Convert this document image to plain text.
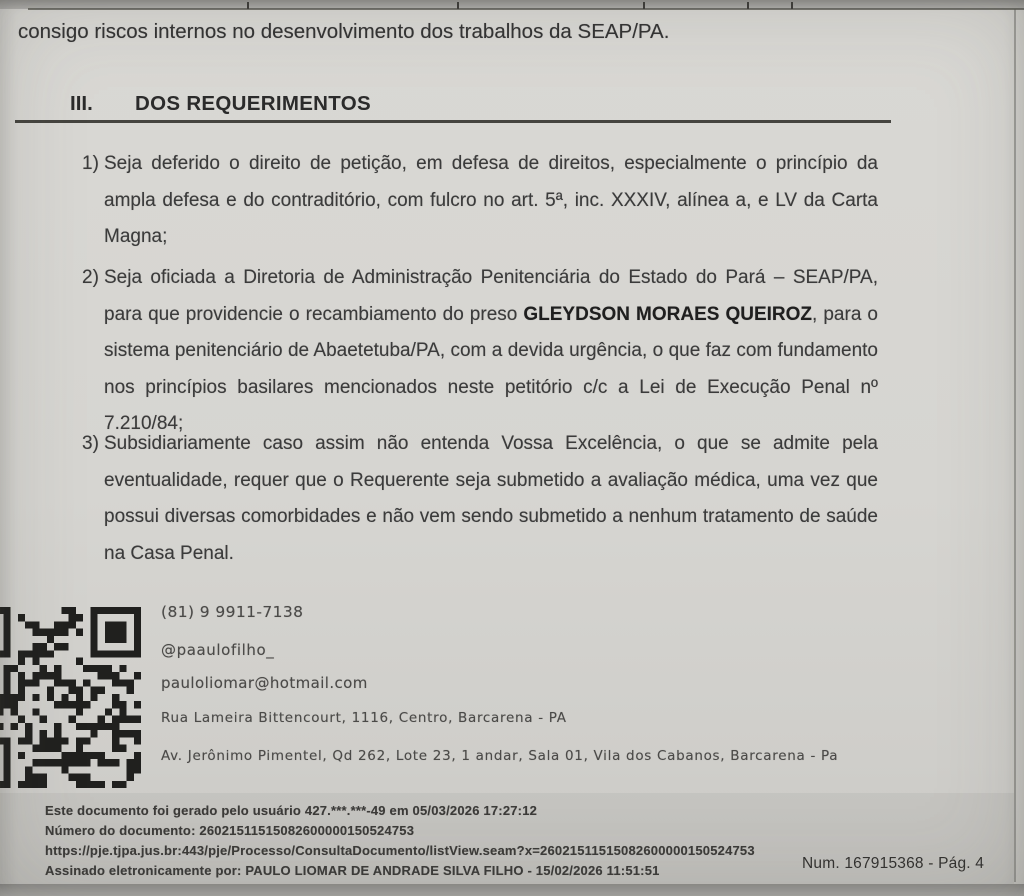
consigo riscos internos no desenvolvimento dos trabalhos da SEAP/PA.
III. DOS REQUERIMENTOS
1) Seja deferido o direito de petição, em defesa de direitos, especialmente o princípio da ampla defesa e do contraditório, com fulcro no art. 5ª, inc. XXXIV, alínea a, e LV da Carta Magna;

2) Seja oficiada a Diretoria de Administração Penitenciária do Estado do Pará – SEAP/PA, para que providencie o recambiamento do preso GLEYDSON MORAES QUEIROZ, para o sistema penitenciário de Abaetetuba/PA, com a devida urgência, o que faz com fundamento nos princípios basilares mencionados neste petitório c/c a Lei de Execução Penal nº 7.210/84;

3) Subsidiariamente caso assim não entenda Vossa Excelência, o que se admite pela eventualidade, requer que o Requerente seja submetido a avaliação médica, uma vez que possui diversas comorbidades e não vem sendo submetido a nenhum tratamento de saúde na Casa Penal.

(81) 9 9911-7138
@paaulofilho_
pauloliomar@hotmail.com
Rua Lameira Bittencourt, 1116, Centro, Barcarena - PA
Av. Jerônimo Pimentel, Qd 262, Lote 23, 1 andar, Sala 01, Vila dos Cabanos, Barcarena - Pa
Este documento foi gerado pelo usuário 427.***.***-49 em 05/03/2026 17:27:12
Número do documento: 26021511515082600000150524753
https://pje.tjpa.jus.br:443/pje/Processo/ConsultaDocumento/listView.seam?x=26021511515082600000150524753
Assinado eletronicamente por: PAULO LIOMAR DE ANDRADE SILVA FILHO - 15/02/2026 11:51:51	Num. 167915368 - Pág. 4
